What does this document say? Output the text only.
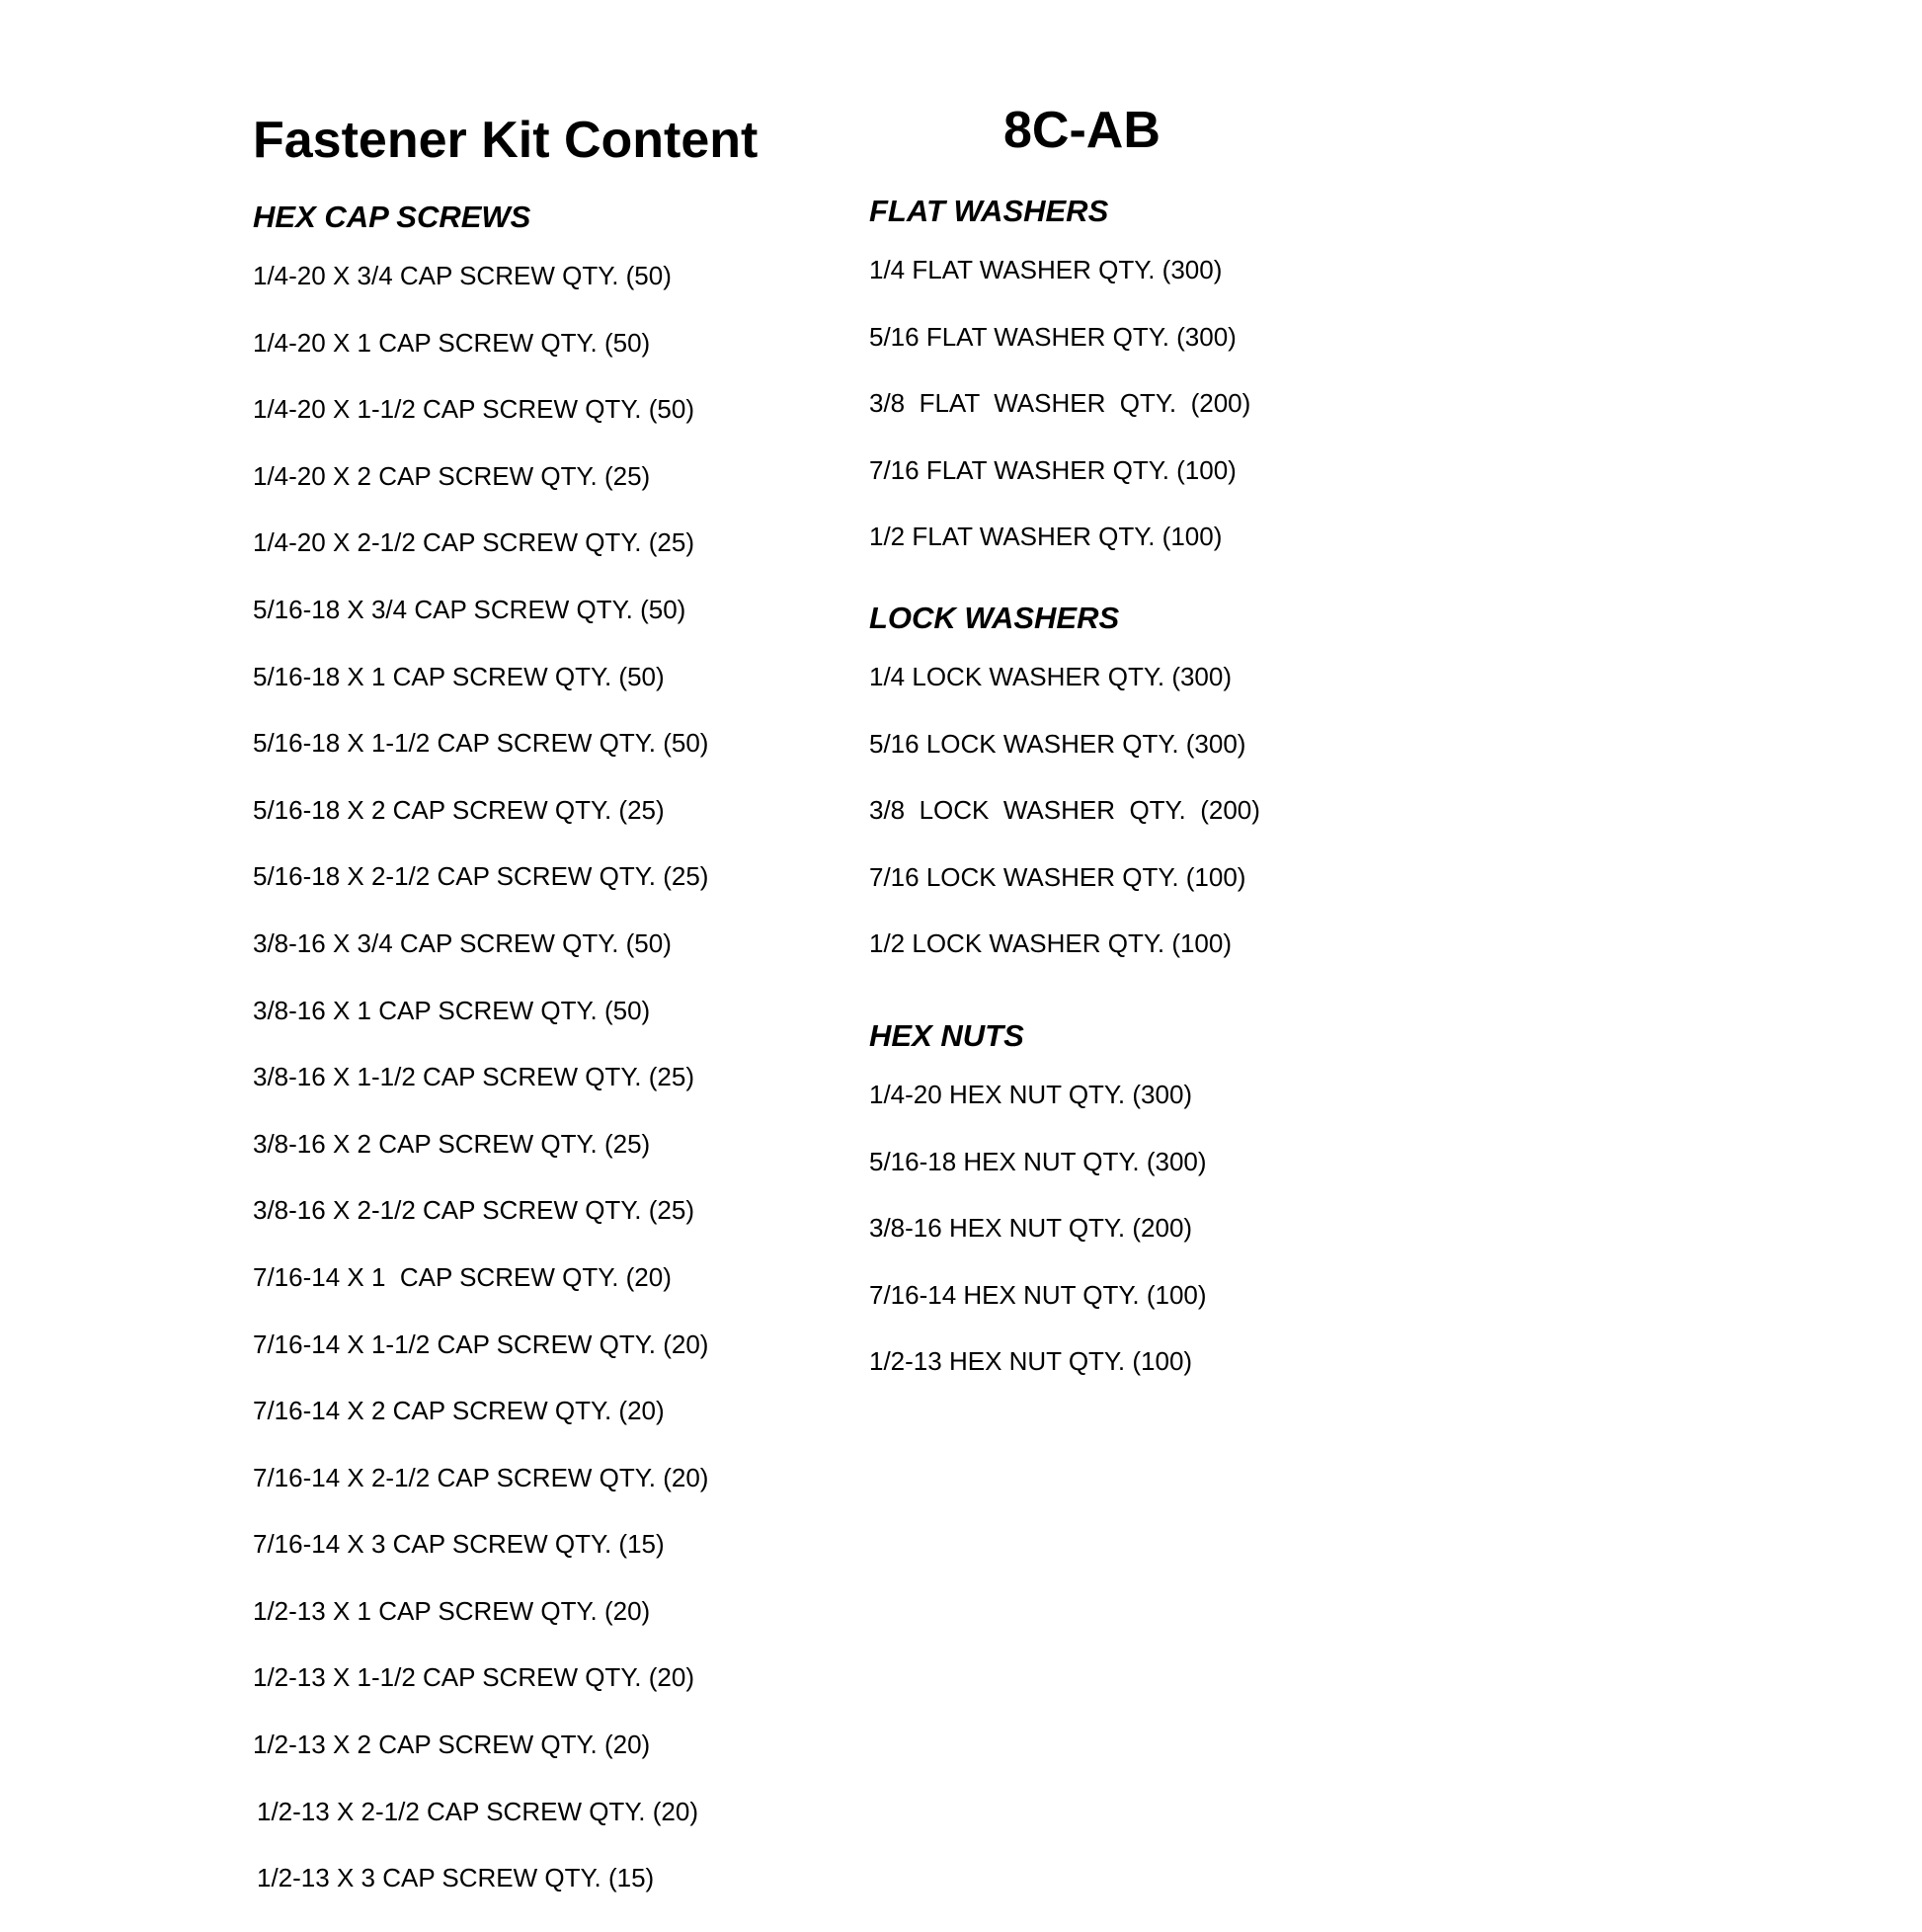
Fastener Kit Content	8C-AB
HEX CAP SCREWS
1/4-20 X 3/4 CAP SCREW QTY. (50)
1/4-20 X 1 CAP SCREW QTY. (50)
1/4-20 X 1-1/2 CAP SCREW QTY. (50)
1/4-20 X 2 CAP SCREW QTY. (25)
1/4-20 X 2-1/2 CAP SCREW QTY. (25)
5/16-18 X 3/4 CAP SCREW QTY. (50)
5/16-18 X 1 CAP SCREW QTY. (50)
5/16-18 X 1-1/2 CAP SCREW QTY. (50)
5/16-18 X 2 CAP SCREW QTY. (25)
5/16-18 X 2-1/2 CAP SCREW QTY. (25)
3/8-16 X 3/4 CAP SCREW QTY. (50)
3/8-16 X 1 CAP SCREW QTY. (50)
3/8-16 X 1-1/2 CAP SCREW QTY. (25)
3/8-16 X 2 CAP SCREW QTY. (25)
3/8-16 X 2-1/2 CAP SCREW QTY. (25)
7/16-14 X 1  CAP SCREW QTY. (20)
7/16-14 X 1-1/2 CAP SCREW QTY. (20)
7/16-14 X 2 CAP SCREW QTY. (20)
7/16-14 X 2-1/2 CAP SCREW QTY. (20)
7/16-14 X 3 CAP SCREW QTY. (15)
1/2-13 X 1 CAP SCREW QTY. (20)
1/2-13 X 1-1/2 CAP SCREW QTY. (20)
1/2-13 X 2 CAP SCREW QTY. (20)
1/2-13 X 2-1/2 CAP SCREW QTY. (20)
1/2-13 X 3 CAP SCREW QTY. (15)
FLAT WASHERS
1/4 FLAT WASHER QTY. (300)
5/16 FLAT WASHER QTY. (300)
3/8  FLAT  WASHER  QTY.  (200)
7/16 FLAT WASHER QTY. (100)
1/2 FLAT WASHER QTY. (100)
LOCK WASHERS
1/4 LOCK WASHER QTY. (300)
5/16 LOCK WASHER QTY. (300)
3/8  LOCK  WASHER  QTY.  (200)
7/16 LOCK WASHER QTY. (100)
1/2 LOCK WASHER QTY. (100)
HEX NUTS
1/4-20 HEX NUT QTY. (300)
5/16-18 HEX NUT QTY. (300)
3/8-16 HEX NUT QTY. (200)
7/16-14 HEX NUT QTY. (100)
1/2-13 HEX NUT QTY. (100)
